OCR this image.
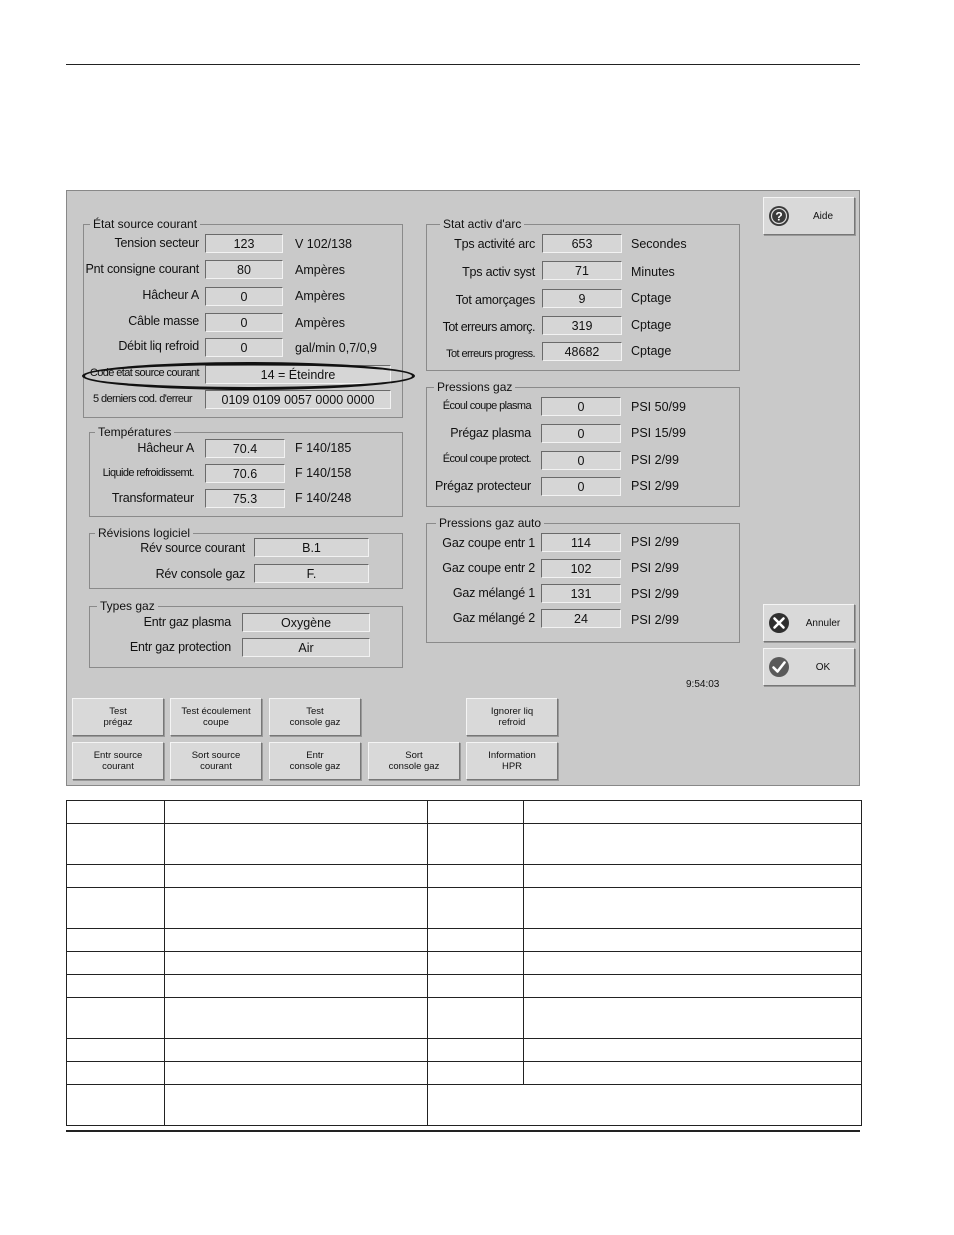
État source courant
Tension secteur	123	V 102/138
Pnt consigne courant	80	Ampères
Hâcheur A	0	Ampères
Câble masse	0	Ampères
Débit liq refroid	0	gal/min 0,7/0,9
Code état source courant	14 = Éteindre
5 derniers cod. d'erreur	0109 0109 0057 0000 0000
Températures
Hâcheur A	70.4	F 140/185
Liquide refroidissemt.	70.6	F 140/158
Transformateur	75.3	F 140/248
Révisions logiciel
Rév source courant	B.1
Rév console gaz	F.
Types gaz
Entr gaz plasma	Oxygène
Entr gaz protection	Air
Stat activ d'arc
Tps activité arc	653	Secondes
Tps activ syst	71	Minutes
Tot amorçages	9	Cptage
Tot erreurs amorç.	319	Cptage
Tot erreurs progress.	48682	Cptage
Pressions gaz
Écoul coupe plasma	0	PSI 50/99
Prégaz plasma	0	PSI 15/99
Écoul coupe protect.	0	PSI 2/99
Prégaz protecteur	0	PSI 2/99
Pressions gaz auto
Gaz coupe entr 1	114	PSI 2/99
Gaz coupe entr 2	102	PSI 2/99
Gaz mélangé 1	131	PSI 2/99
Gaz mélangé 2	24	PSI 2/99
?	Aide
Annuler
OK
9:54:03
Test
prégaz
Test écoulement
coupe
Test
console gaz
Ignorer liq
refroid
Entr source
courant
Sort source
courant
Entr
console gaz
Sort
console gaz
Information
HPR
